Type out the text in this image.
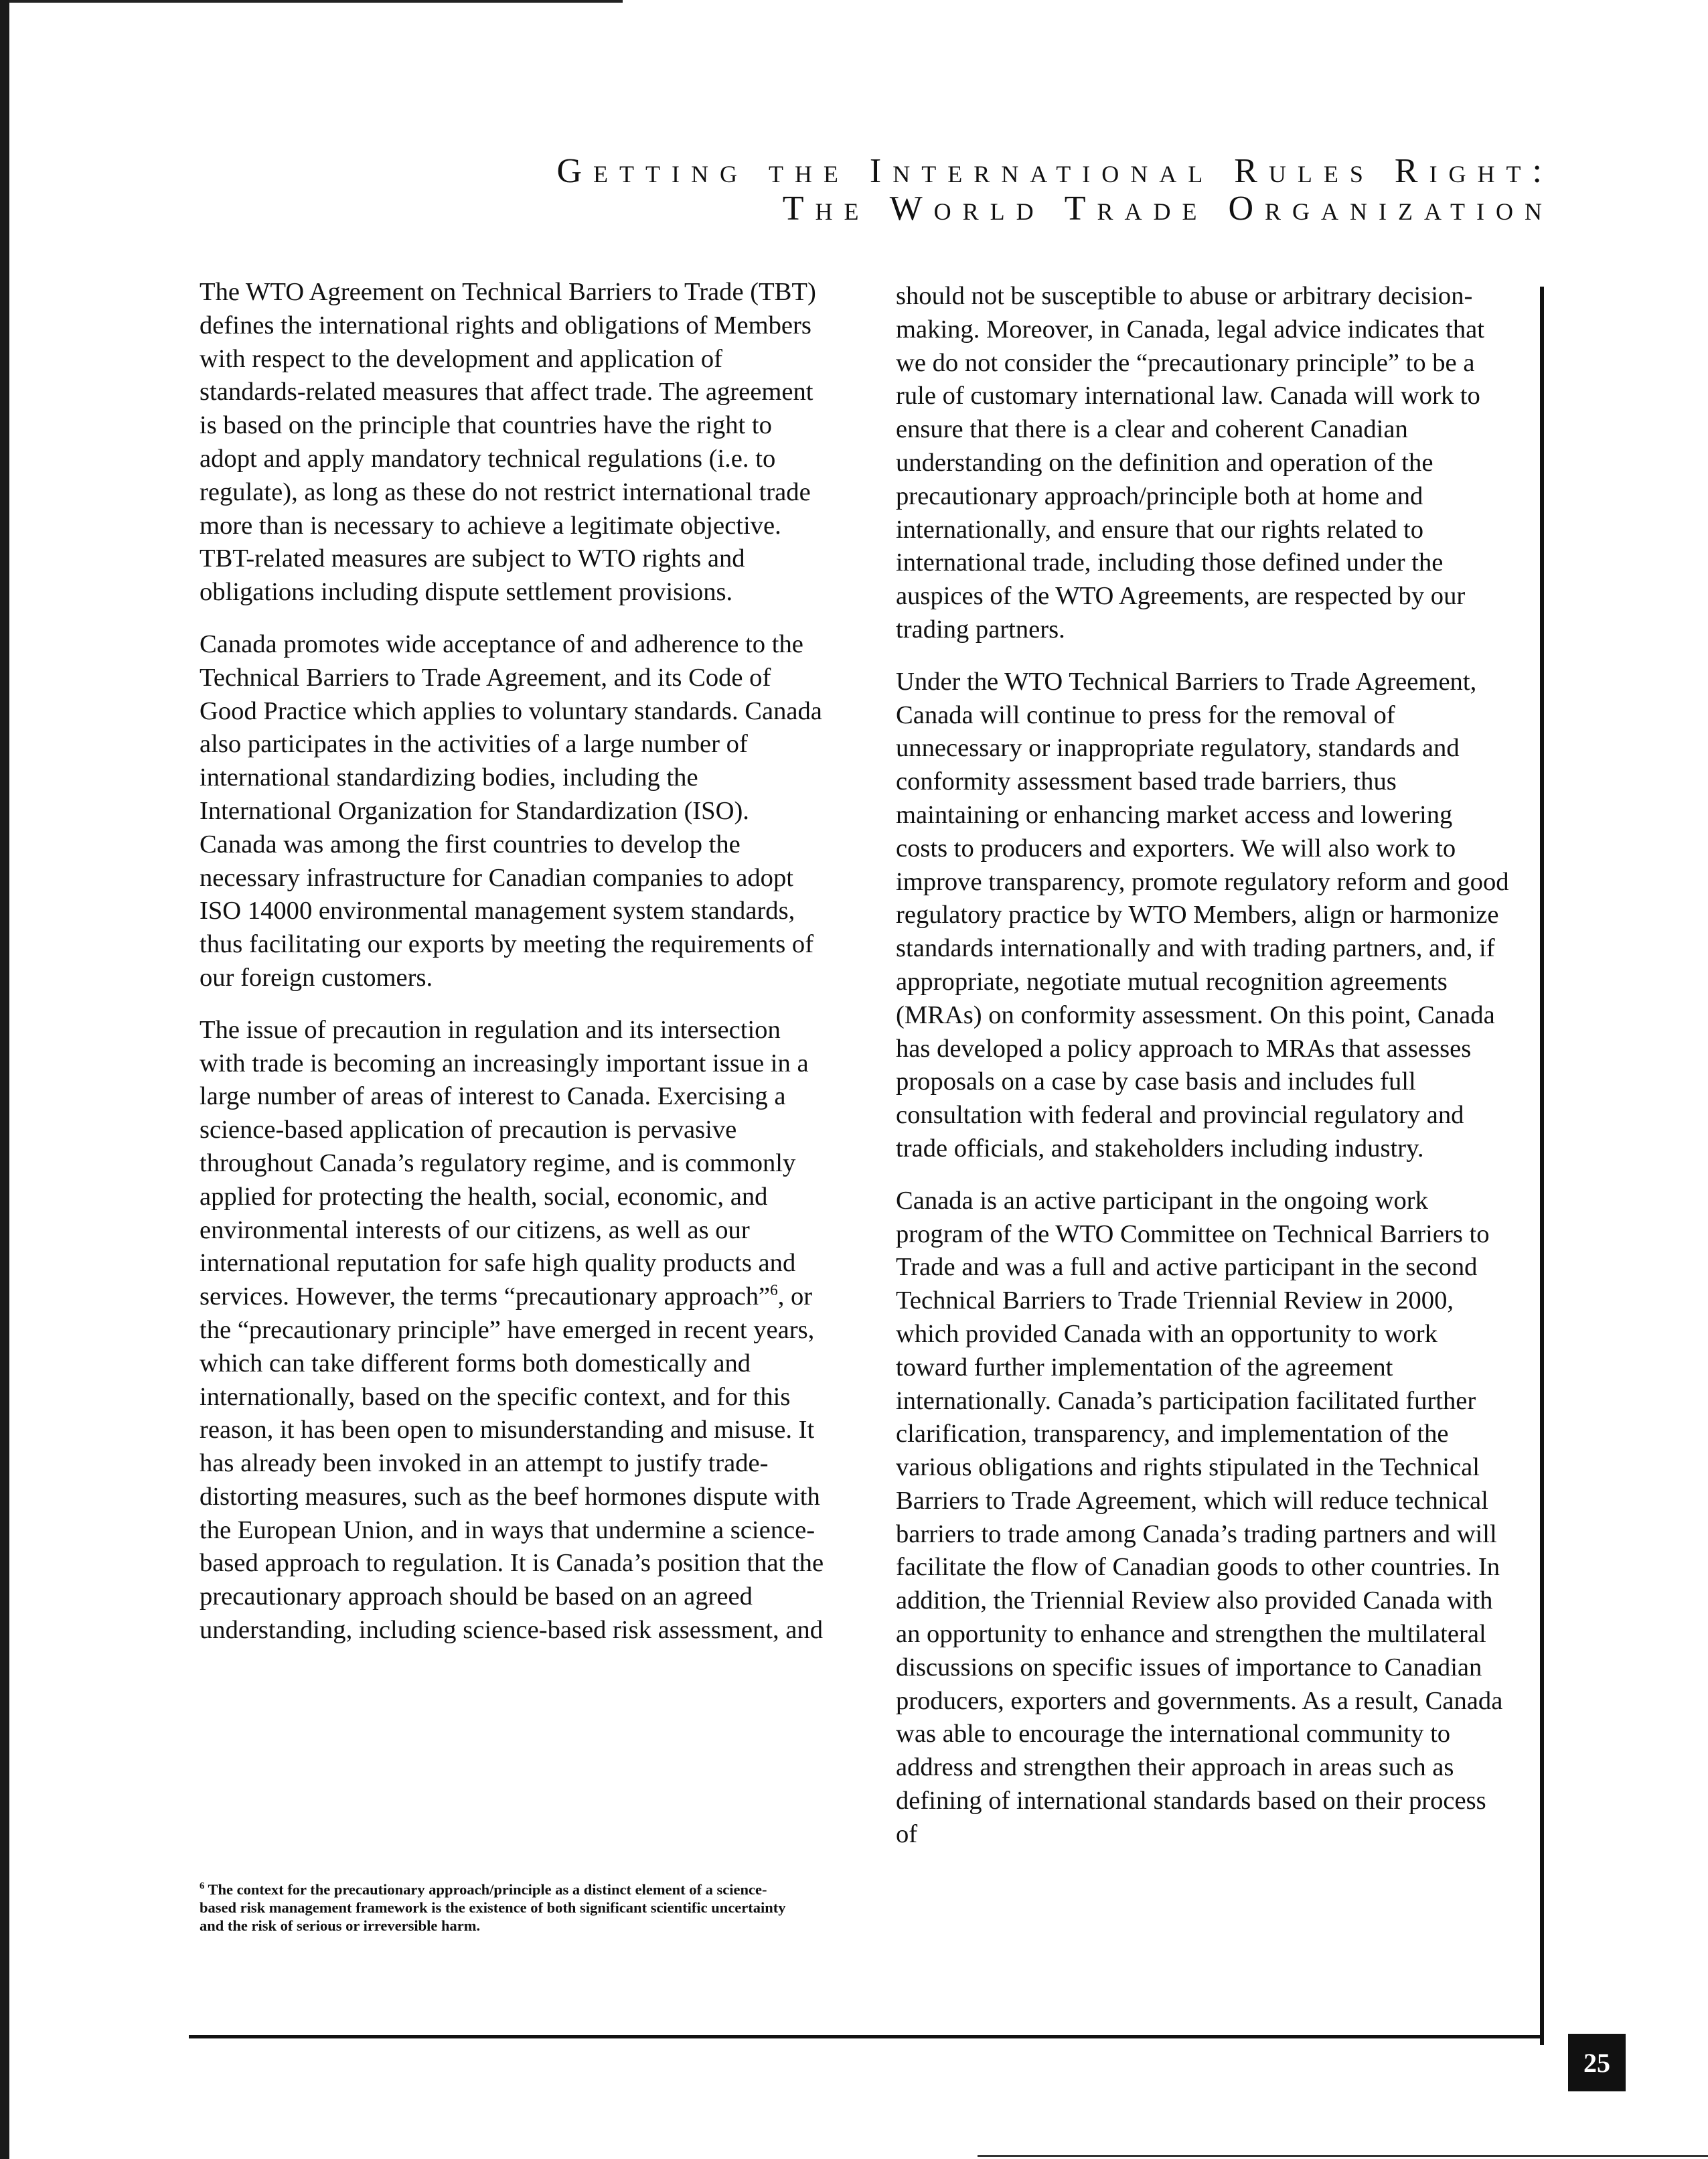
Getting the International Rules Right:
The World Trade Organization

The WTO Agreement on Technical Barriers to Trade (TBT) defines the international rights and obligations of Members with respect to the development and application of standards-related measures that affect trade. The agreement is based on the principle that countries have the right to adopt and apply mandatory technical regulations (i.e. to regulate), as long as these do not restrict international trade more than is necessary to achieve a legitimate objective. TBT-related measures are subject to WTO rights and obligations including dispute settlement provisions.

Canada promotes wide acceptance of and adherence to the Technical Barriers to Trade Agreement, and its Code of Good Practice which applies to voluntary standards. Canada also participates in the activities of a large number of international standardizing bodies, including the International Organization for Standardization (ISO). Canada was among the first countries to develop the necessary infrastructure for Canadian companies to adopt ISO 14000 environmental management system standards, thus facilitating our exports by meeting the requirements of our foreign customers.

The issue of precaution in regulation and its intersection with trade is becoming an increasingly important issue in a large number of areas of interest to Canada. Exercising a science-based application of precaution is pervasive throughout Canada’s regulatory regime, and is commonly applied for protecting the health, social, economic, and environmental interests of our citizens, as well as our international reputation for safe high quality products and services. However, the terms “precautionary approach”$^6$, or the “precautionary principle” have emerged in recent years, which can take different forms both domestically and internationally, based on the specific context, and for this reason, it has been open to misunderstanding and misuse. It has already been invoked in an attempt to justify trade-distorting measures, such as the beef hormones dispute with the European Union, and in ways that undermine a science-based approach to regulation. It is Canada’s position that the precautionary approach should be based on an agreed understanding, including science-based risk assessment, and

should not be susceptible to abuse or arbitrary decision-making. Moreover, in Canada, legal advice indicates that we do not consider the “precautionary principle” to be a rule of customary international law. Canada will work to ensure that there is a clear and coherent Canadian understanding on the definition and operation of the precautionary approach/principle both at home and internationally, and ensure that our rights related to international trade, including those defined under the auspices of the WTO Agreements, are respected by our trading partners.

Under the WTO Technical Barriers to Trade Agreement, Canada will continue to press for the removal of unnecessary or inappropriate regulatory, standards and conformity assessment based trade barriers, thus maintaining or enhancing market access and lowering costs to producers and exporters. We will also work to improve transparency, promote regulatory reform and good regulatory practice by WTO Members, align or harmonize standards internationally and with trading partners, and, if appropriate, negotiate mutual recognition agreements (MRAs) on conformity assessment. On this point, Canada has developed a policy approach to MRAs that assesses proposals on a case by case basis and includes full consultation with federal and provincial regulatory and trade officials, and stakeholders including industry.

Canada is an active participant in the ongoing work program of the WTO Committee on Technical Barriers to Trade and was a full and active participant in the second Technical Barriers to Trade Triennial Review in 2000, which provided Canada with an opportunity to work toward further implementation of the agreement internationally. Canada’s participation facilitated further clarification, transparency, and implementation of the various obligations and rights stipulated in the Technical Barriers to Trade Agreement, which will reduce technical barriers to trade among Canada’s trading partners and will facilitate the flow of Canadian goods to other countries. In addition, the Triennial Review also provided Canada with an opportunity to enhance and strengthen the multilateral discussions on specific issues of importance to Canadian producers, exporters and governments. As a result, Canada was able to encourage the international community to address and strengthen their approach in areas such as defining of international standards based on their process of

$^6$ The context for the precautionary approach/principle as a distinct element of a science-based risk management framework is the existence of both significant scientific uncertainty and the risk of serious or irreversible harm.
25
